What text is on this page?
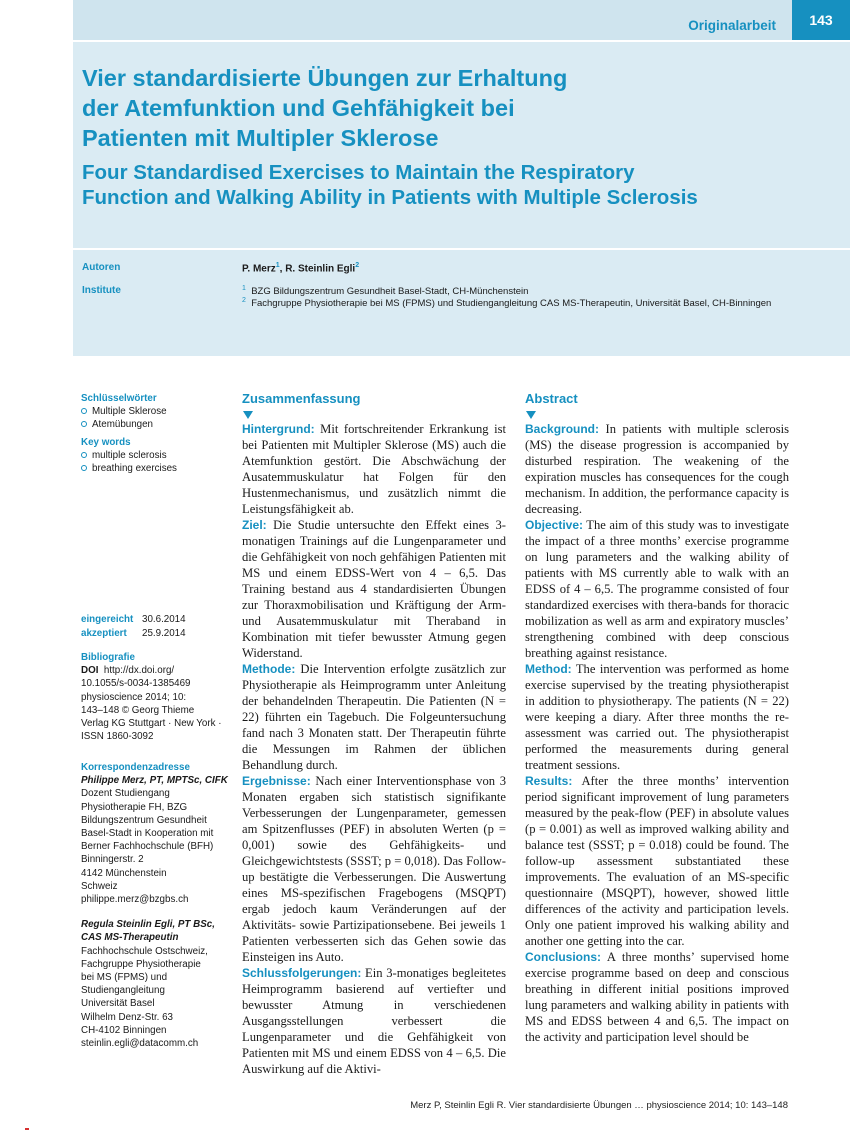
Originalarbeit	143
Vier standardisierte Übungen zur Erhaltung
der Atemfunktion und Gehfähigkeit bei
Patienten mit Multipler Sklerose
Four Standardised Exercises to Maintain the Respiratory
Function and Walking Ability in Patients with Multiple Sclerosis
Autoren	P. Merz$^1$, R. Steinlin Egli$^2$
Institute	$^1$ BZG Bildungszentrum Gesundheit Basel-Stadt, CH-Münchenstein
$^2$ Fachgruppe Physiotherapie bei MS (FPMS) und Studiengangleitung CAS MS-Therapeutin, Universität Basel, CH-Binningen
Schlüsselwörter
Multiple Sklerose
Atemübungen
Key words
multiple sclerosis
breathing exercises
eingereicht 30.6.2014
akzeptiert 25.9.2014
Bibliografie
DOI http://dx.doi.org/
10.1055/s-0034-1385469
physioscience 2014; 10:
143–148 © Georg Thieme
Verlag KG Stuttgart · New York ·
ISSN 1860-3092
Korrespondenzadresse
Philippe Merz, PT, MPTSc, CIFK
Dozent Studiengang
Physiotherapie FH, BZG
Bildungszentrum Gesundheit
Basel-Stadt in Kooperation mit
Berner Fachhochschule (BFH)
Binningerstr. 2
4142 Münchenstein
Schweiz
philippe.merz@bzgbs.ch
Regula Steinlin Egli, PT BSc,
CAS MS-Therapeutin
Fachhochschule Ostschweiz,
Fachgruppe Physiotherapie
bei MS (FPMS) und
Studiengangleitung
Universität Basel
Wilhelm Denz-Str. 63
CH-4102 Binningen
steinlin.egli@datacomm.ch
Zusammenfassung

Hintergrund: Mit fortschreitender Erkrankung ist bei Patienten mit Multipler Sklerose (MS) auch die Atemfunktion gestört. Die Abschwächung der Ausatemmuskulatur hat Folgen für den Hustenmechanismus, und zusätzlich nimmt die Leistungsfähigkeit ab.

Ziel: Die Studie untersuchte den Effekt eines 3-monatigen Trainings auf die Lungenparameter und die Gehfähigkeit von noch gehfähigen Patienten mit MS und einem EDSS-Wert von 4 – 6,5. Das Training bestand aus 4 standardisierten Übungen zur Thoraxmobilisation und Kräftigung der Arm- und Ausatemmuskulatur mit Theraband in Kombination mit tiefer bewusster Atmung gegen Widerstand.

Methode: Die Intervention erfolgte zusätzlich zur Physiotherapie als Heimprogramm unter Anleitung der behandelnden Therapeutin. Die Patienten (N = 22) führten ein Tagebuch. Die Folgeuntersuchung fand nach 3 Monaten statt. Der Therapeutin führte die Messungen im Rahmen der üblichen Behandlung durch.

Ergebnisse: Nach einer Interventionsphase von 3 Monaten ergaben sich statistisch signifikante Verbesserungen der Lungenparameter, gemessen am Spitzenflusses (PEF) in absoluten Werten (p = 0,001) sowie des Gehfähigkeits- und Gleichgewichtstests (SSST; p = 0,018). Das Follow-up bestätigte die Verbesserungen. Die Auswertung eines MS-spezifischen Fragebogens (MSQPT) ergab jedoch kaum Veränderungen auf der Aktivitäts- sowie Partizipationsebene. Bei jeweils 1 Patienten verbesserten sich das Gehen sowie das Einsteigen ins Auto.

Schlussfolgerungen: Ein 3-monatiges begleitetes Heimprogramm basierend auf vertiefter und bewusster Atmung in verschiedenen Ausgangsstellungen verbessert die Lungenparameter und die Gehfähigkeit von Patienten mit MS und einem EDSS von 4 – 6,5. Die Auswirkung auf die Aktivi-

Abstract

Background: In patients with multiple sclerosis (MS) the disease progression is accompanied by disturbed respiration. The weakening of the expiration muscles has consequences for the cough mechanism. In addition, the performance capacity is decreasing.

Objective: The aim of this study was to investigate the impact of a three months’ exercise programme on lung parameters and the walking ability of patients with MS currently able to walk with an EDSS of 4 – 6,5. The programme consisted of four standardized exercises with thera-bands for thoracic mobilization as well as arm and expiratory muscles’ strengthening combined with deep conscious breathing against resistance.

Method: The intervention was performed as home exercise supervised by the treating physiotherapist in addition to physiotherapy. The patients (N = 22) were keeping a diary. After three months the re-assessment was carried out. The physiotherapist performed the measurements during general treatment sessions.

Results: After the three months’ intervention period significant improvement of lung parameters measured by the peak-flow (PEF) in absolute values (p = 0.001) as well as improved walking ability and balance test (SSST; p = 0.018) could be found. The follow-up assessment substantiated these improvements. The evaluation of an MS-specific questionnaire (MSQPT), however, showed little differences of the activity and participation levels. Only one patient improved his walking ability and another one getting into the car.

Conclusions: A three months’ supervised home exercise programme based on deep and conscious breathing in different initial positions improved lung parameters and walking ability in patients with MS and EDSS between 4 and 6,5. The impact on the activity and participation level should be

Merz P, Steinlin Egli R. Vier standardisierte Übungen … physioscience 2014; 10: 143–148
